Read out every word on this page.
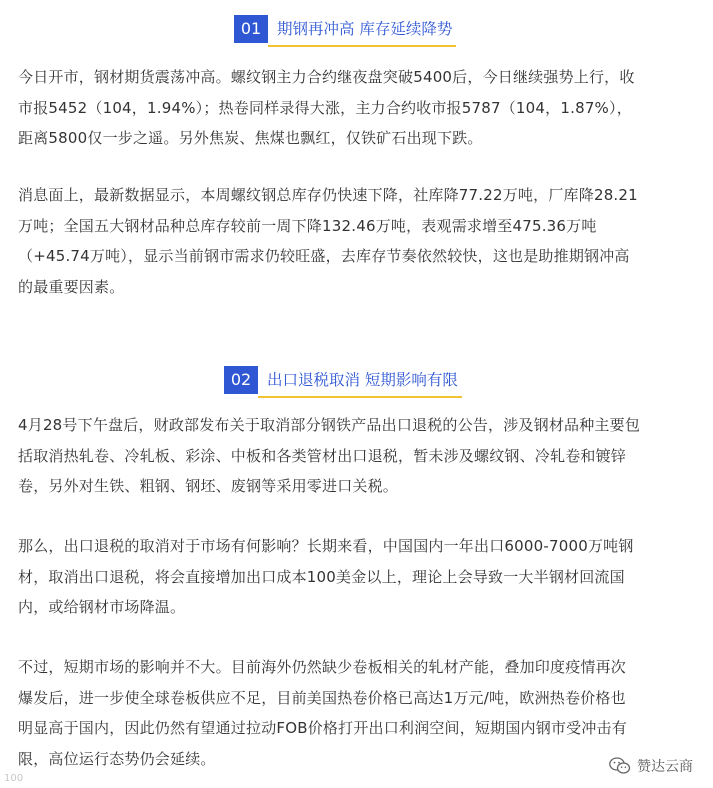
01	期钢再冲高 库存延续降势

今日开市，钢材期货震荡冲高。螺纹钢主力合约继夜盘突破5400后，今日继续强势上行，收
市报5452（104，1.94%）；热卷同样录得大涨，主力合约收市报5787（104，1.87%），
距离5800仅一步之遥。另外焦炭、焦煤也飘红，仅铁矿石出现下跌。

消息面上，最新数据显示，本周螺纹钢总库存仍快速下降，社库降77.22万吨，厂库降28.21
万吨；全国五大钢材品种总库存较前一周下降132.46万吨，表观需求增至475.36万吨
（+45.74万吨），显示当前钢市需求仍较旺盛，去库存节奏依然较快，这也是助推期钢冲高
的最重要因素。

02	出口退税取消 短期影响有限

4月28号下午盘后，财政部发布关于取消部分钢铁产品出口退税的公告，涉及钢材品种主要包
括取消热轧卷、冷轧板、彩涂、中板和各类管材出口退税，暂未涉及螺纹钢、冷轧卷和镀锌
卷，另外对生铁、粗钢、钢坯、废钢等采用零进口关税。

那么，出口退税的取消对于市场有何影响？长期来看，中国国内一年出口6000-7000万吨钢
材，取消出口退税，将会直接增加出口成本100美金以上，理论上会导致一大半钢材回流国
内，或给钢材市场降温。

不过，短期市场的影响并不大。目前海外仍然缺少卷板相关的轧材产能，叠加印度疫情再次
爆发后，进一步使全球卷板供应不足，目前美国热卷价格已高达1万元/吨，欧洲热卷价格也
明显高于国内，因此仍然有望通过拉动FOB价格打开出口利润空间，短期国内钢市受冲击有
限，高位运行态势仍会延续。	赞达云商
100
